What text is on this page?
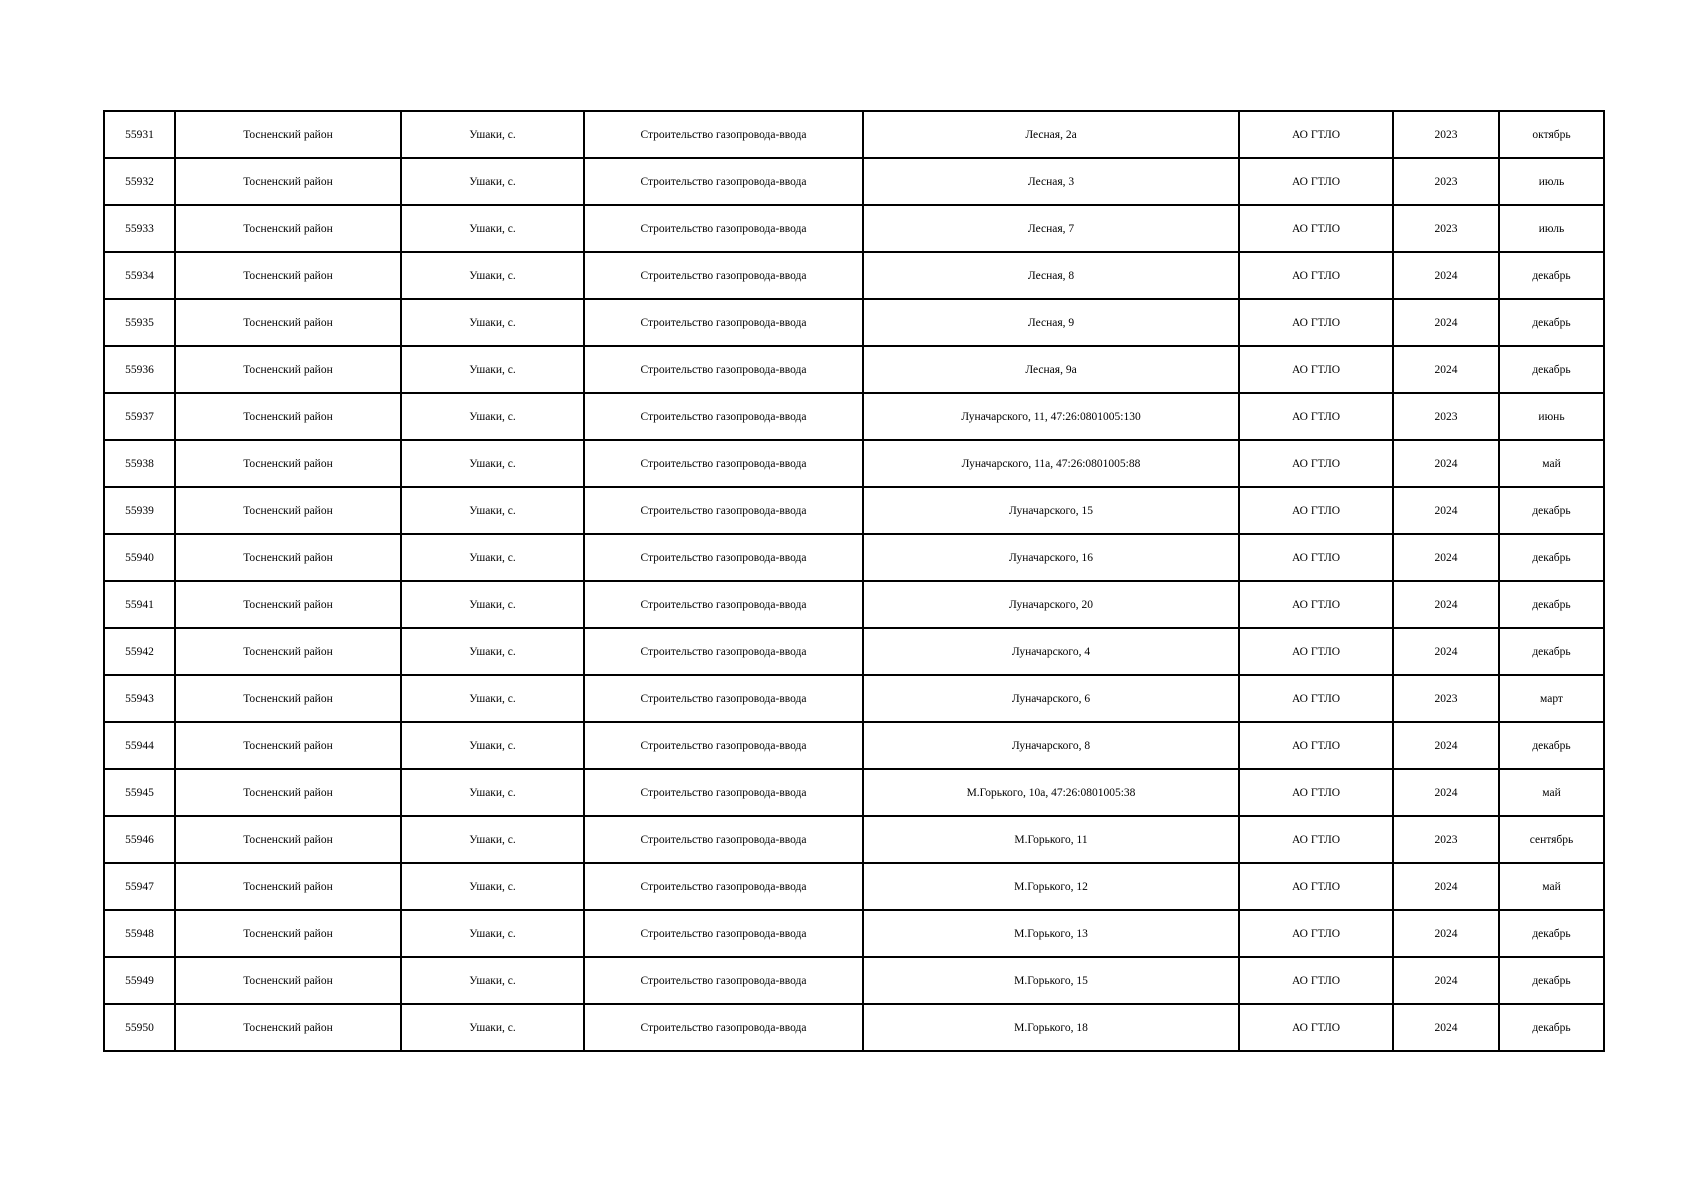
55931	Тосненский район	Ушаки, с.	Строительство газопровода-ввода	Лесная, 2а	АО ГТЛО	2023	октябрь
55932	Тосненский район	Ушаки, с.	Строительство газопровода-ввода	Лесная, 3	АО ГТЛО	2023	июль
55933	Тосненский район	Ушаки, с.	Строительство газопровода-ввода	Лесная, 7	АО ГТЛО	2023	июль
55934	Тосненский район	Ушаки, с.	Строительство газопровода-ввода	Лесная, 8	АО ГТЛО	2024	декабрь
55935	Тосненский район	Ушаки, с.	Строительство газопровода-ввода	Лесная, 9	АО ГТЛО	2024	декабрь
55936	Тосненский район	Ушаки, с.	Строительство газопровода-ввода	Лесная, 9а	АО ГТЛО	2024	декабрь
55937	Тосненский район	Ушаки, с.	Строительство газопровода-ввода	Луначарского, 11, 47:26:0801005:130	АО ГТЛО	2023	июнь
55938	Тосненский район	Ушаки, с.	Строительство газопровода-ввода	Луначарского, 11а, 47:26:0801005:88	АО ГТЛО	2024	май
55939	Тосненский район	Ушаки, с.	Строительство газопровода-ввода	Луначарского, 15	АО ГТЛО	2024	декабрь
55940	Тосненский район	Ушаки, с.	Строительство газопровода-ввода	Луначарского, 16	АО ГТЛО	2024	декабрь
55941	Тосненский район	Ушаки, с.	Строительство газопровода-ввода	Луначарского, 20	АО ГТЛО	2024	декабрь
55942	Тосненский район	Ушаки, с.	Строительство газопровода-ввода	Луначарского, 4	АО ГТЛО	2024	декабрь
55943	Тосненский район	Ушаки, с.	Строительство газопровода-ввода	Луначарского, 6	АО ГТЛО	2023	март
55944	Тосненский район	Ушаки, с.	Строительство газопровода-ввода	Луначарского, 8	АО ГТЛО	2024	декабрь
55945	Тосненский район	Ушаки, с.	Строительство газопровода-ввода	М.Горького, 10а, 47:26:0801005:38	АО ГТЛО	2024	май
55946	Тосненский район	Ушаки, с.	Строительство газопровода-ввода	М.Горького, 11	АО ГТЛО	2023	сентябрь
55947	Тосненский район	Ушаки, с.	Строительство газопровода-ввода	М.Горького, 12	АО ГТЛО	2024	май
55948	Тосненский район	Ушаки, с.	Строительство газопровода-ввода	М.Горького, 13	АО ГТЛО	2024	декабрь
55949	Тосненский район	Ушаки, с.	Строительство газопровода-ввода	М.Горького, 15	АО ГТЛО	2024	декабрь
55950	Тосненский район	Ушаки, с.	Строительство газопровода-ввода	М.Горького, 18	АО ГТЛО	2024	декабрь
